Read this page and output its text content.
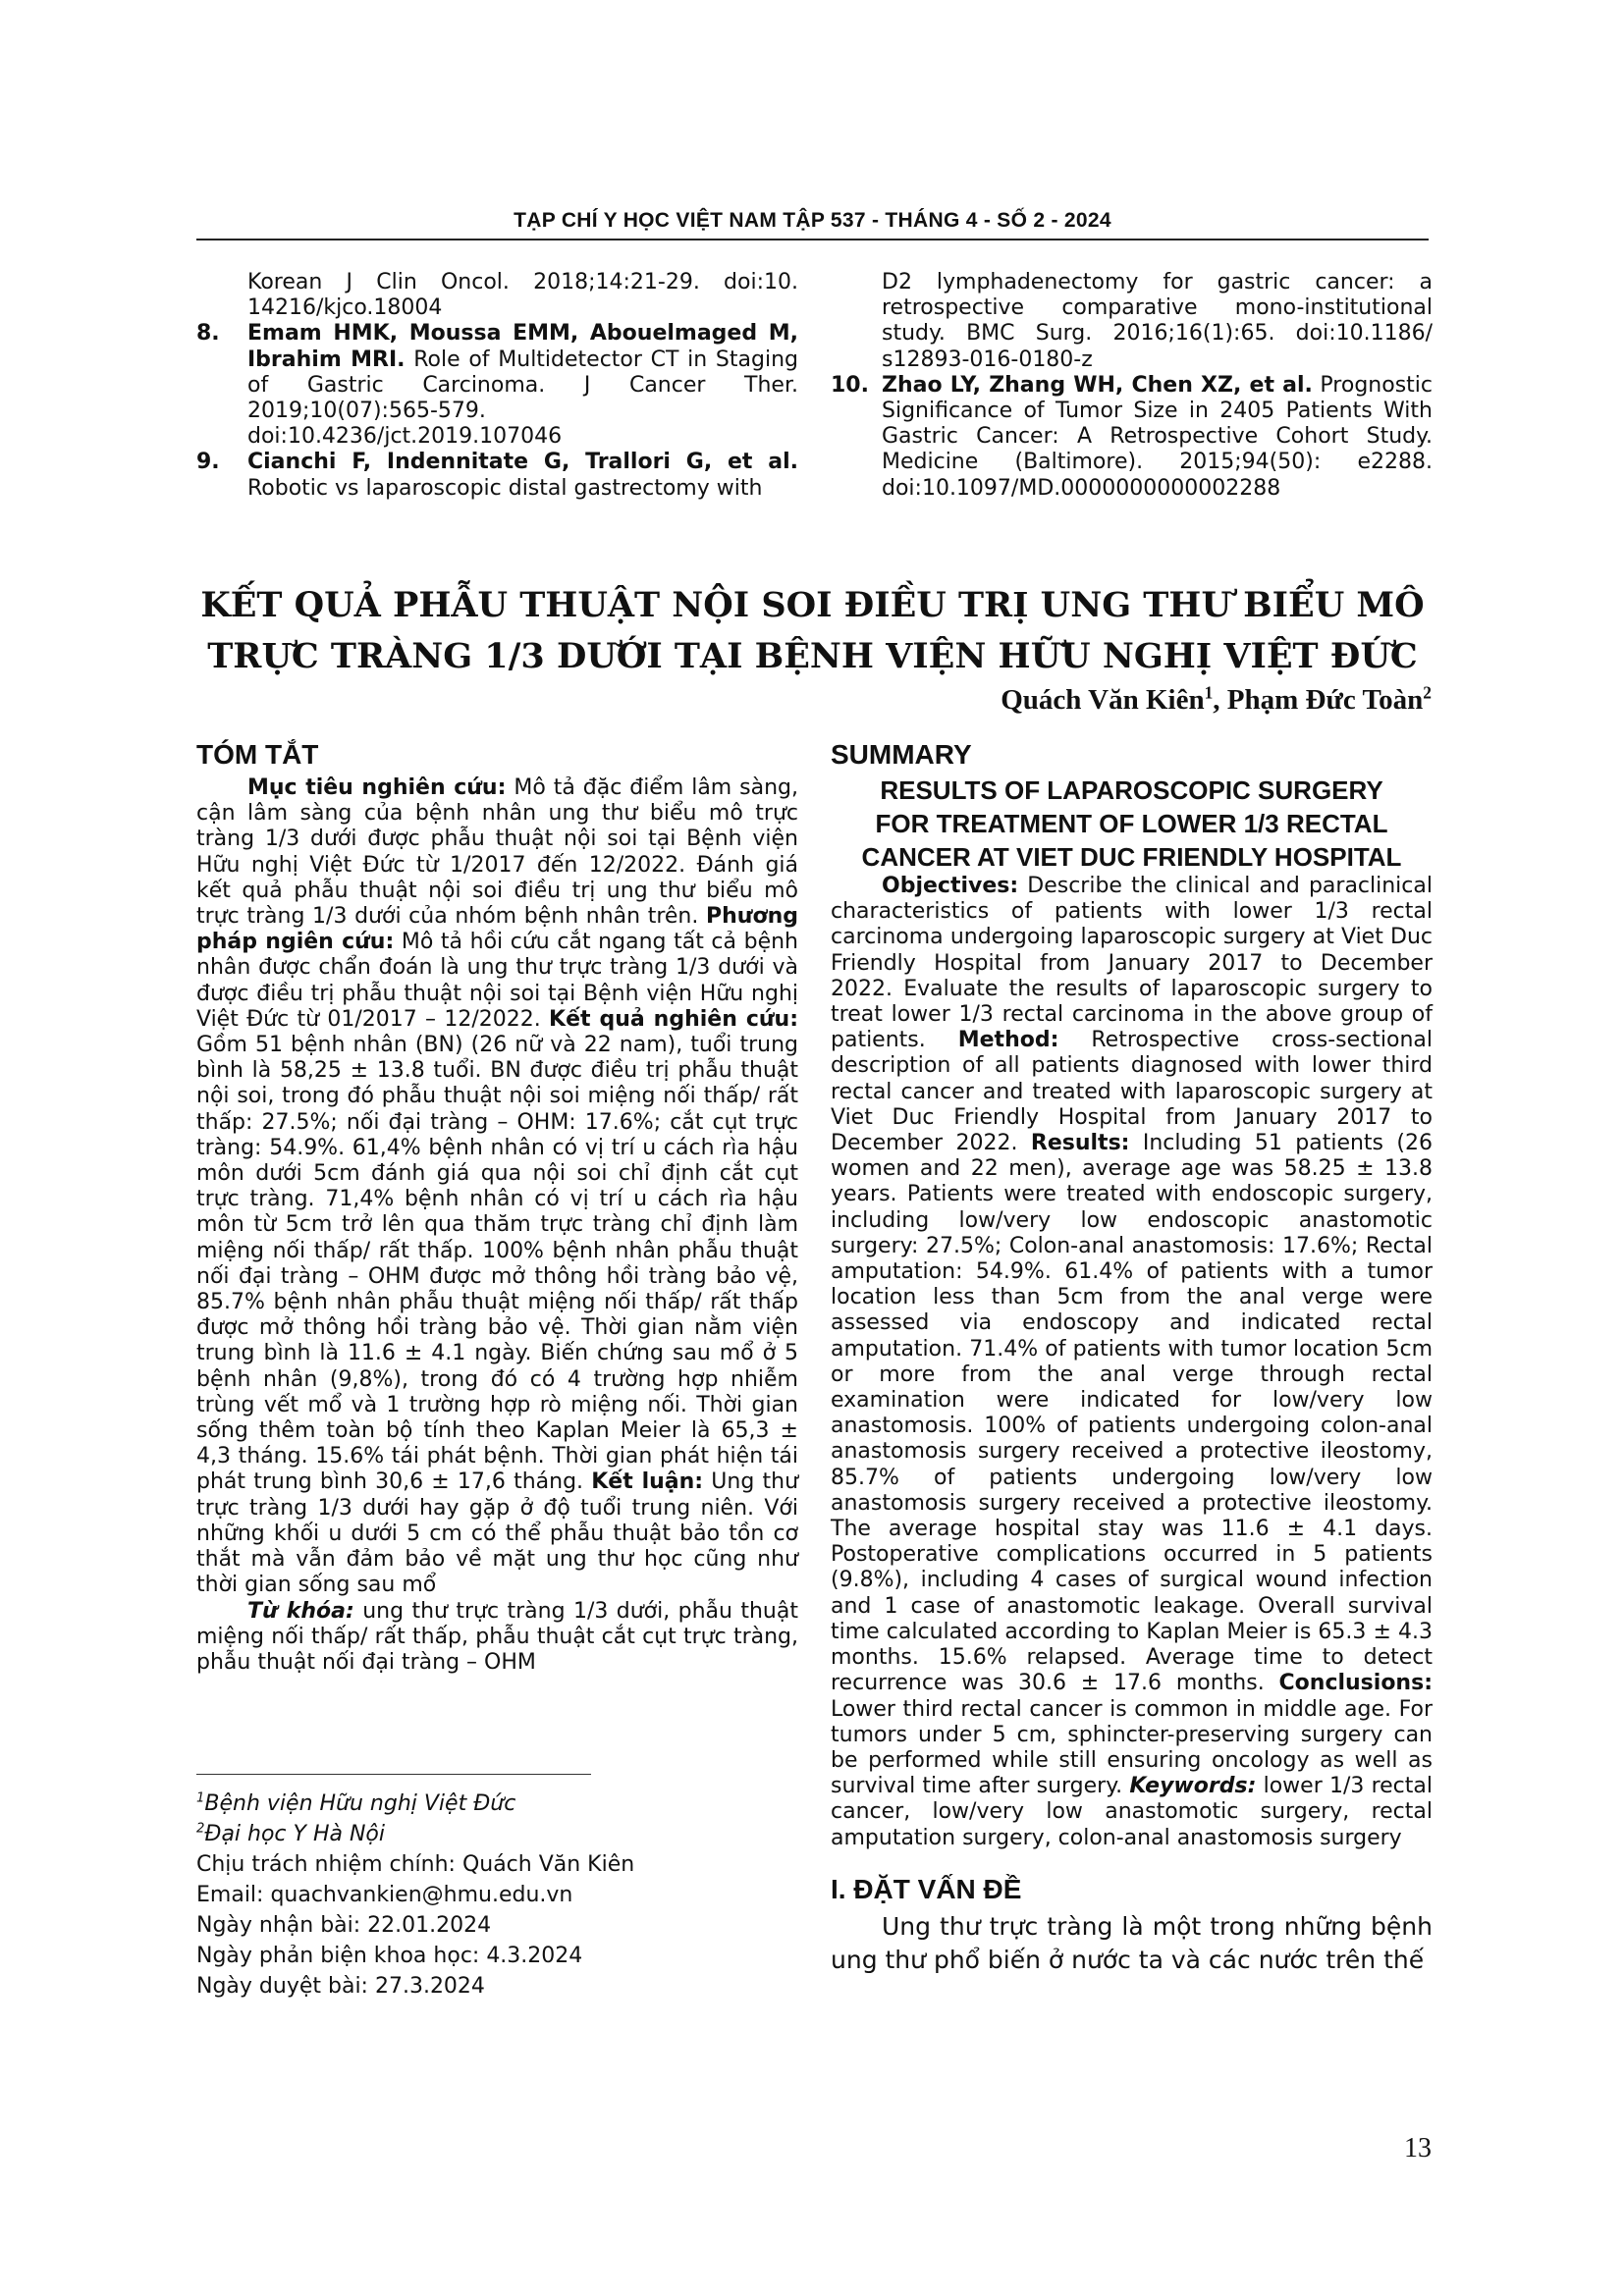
TẠP CHÍ Y HỌC VIỆT NAM TẬP 537 - THÁNG 4 - SỐ 2 - 2024
Korean J Clin Oncol. 2018;14:21-29. doi:10. 14216/kjco.18004
8.	Emam HMK, Moussa EMM, Abouelmaged M, Ibrahim MRI. Role of Multidetector CT in Staging of Gastric Carcinoma. J Cancer Ther. 2019;10(07):565-579. doi:10.4236/jct.2019.107046
9.	Cianchi F, Indennitate G, Trallori G, et al. Robotic vs laparoscopic distal gastrectomy with
D2 lymphadenectomy for gastric cancer: a retrospective comparative mono-institutional study. BMC Surg. 2016;16(1):65. doi:10.1186/ s12893-016-0180-z
10. Zhao LY, Zhang WH, Chen XZ, et al. Prognostic Significance of Tumor Size in 2405 Patients With Gastric Cancer: A Retrospective Cohort Study. Medicine (Baltimore). 2015;94(50): e2288. doi:10.1097/MD.0000000000002288
KẾT QUẢ PHẪU THUẬT NỘI SOI ĐIỀU TRỊ UNG THƯ BIỂU MÔ
TRỰC TRÀNG 1/3 DƯỚI TẠI BỆNH VIỆN HỮU NGHỊ VIỆT ĐỨC
Quách Văn Kiên$^1$, Phạm Đức Toàn$^2$
TÓM TẮT

Mục tiêu nghiên cứu: Mô tả đặc điểm lâm sàng, cận lâm sàng của bệnh nhân ung thư biểu mô trực tràng 1/3 dưới được phẫu thuật nội soi tại Bệnh viện Hữu nghị Việt Đức từ 1/2017 đến 12/2022. Đánh giá kết quả phẫu thuật nội soi điều trị ung thư biểu mô trực tràng 1/3 dưới của nhóm bệnh nhân trên. Phương pháp ngiên cứu: Mô tả hồi cứu cắt ngang tất cả bệnh nhân được chẩn đoán là ung thư trực tràng 1/3 dưới và được điều trị phẫu thuật nội soi tại Bệnh viện Hữu nghị Việt Đức từ 01/2017 – 12/2022. Kết quả nghiên cứu: Gồm 51 bệnh nhân (BN) (26 nữ và 22 nam), tuổi trung bình là 58,25 ± 13.8 tuổi. BN được điều trị phẫu thuật nội soi, trong đó phẫu thuật nội soi miệng nối thấp/ rất thấp: 27.5%; nối đại tràng – OHM: 17.6%; cắt cụt trực tràng: 54.9%. 61,4% bệnh nhân có vị trí u cách rìa hậu môn dưới 5cm đánh giá qua nội soi chỉ định cắt cụt trực tràng. 71,4% bệnh nhân có vị trí u cách rìa hậu môn từ 5cm trở lên qua thăm trực tràng chỉ định làm miệng nối thấp/ rất thấp. 100% bệnh nhân phẫu thuật nối đại tràng – OHM được mở thông hồi tràng bảo vệ, 85.7% bệnh nhân phẫu thuật miệng nối thấp/ rất thấp được mở thông hồi tràng bảo vệ. Thời gian nằm viện trung bình là 11.6 ± 4.1 ngày. Biến chứng sau mổ ở 5 bệnh nhân (9,8%), trong đó có 4 trường hợp nhiễm trùng vết mổ và 1 trường hợp rò miệng nối. Thời gian sống thêm toàn bộ tính theo Kaplan Meier là 65,3 ± 4,3 tháng. 15.6% tái phát bệnh. Thời gian phát hiện tái phát trung bình 30,6 ± 17,6 tháng. Kết luận: Ung thư trực tràng 1/3 dưới hay gặp ở độ tuổi trung niên. Với những khối u dưới 5 cm có thể phẫu thuật bảo tồn cơ thắt mà vẫn đảm bảo về mặt ung thư học cũng như thời gian sống sau mổ

Từ khóa: ung thư trực tràng 1/3 dưới, phẫu thuật miệng nối thấp/ rất thấp, phẫu thuật cắt cụt trực tràng, phẫu thuật nối đại tràng – OHM

$^1$Bệnh viện Hữu nghị Việt Đức

$^2$Đại học Y Hà Nội

Chịu trách nhiệm chính: Quách Văn Kiên

Email: quachvankien@hmu.edu.vn

Ngày nhận bài: 22.01.2024

Ngày phản biện khoa học: 4.3.2024

Ngày duyệt bài: 27.3.2024

SUMMARY
RESULTS OF LAPAROSCOPIC SURGERY
FOR TREATMENT OF LOWER 1/3 RECTAL
CANCER AT VIET DUC FRIENDLY HOSPITAL

Objectives: Describe the clinical and paraclinical characteristics of patients with lower 1/3 rectal carcinoma undergoing laparoscopic surgery at Viet Duc Friendly Hospital from January 2017 to December 2022. Evaluate the results of laparoscopic surgery to treat lower 1/3 rectal carcinoma in the above group of patients. Method: Retrospective cross-sectional description of all patients diagnosed with lower third rectal cancer and treated with laparoscopic surgery at Viet Duc Friendly Hospital from January 2017 to December 2022. Results: Including 51 patients (26 women and 22 men), average age was 58.25 ± 13.8 years. Patients were treated with endoscopic surgery, including low/very low endoscopic anastomotic surgery: 27.5%; Colon-anal anastomosis: 17.6%; Rectal amputation: 54.9%. 61.4% of patients with a tumor location less than 5cm from the anal verge were assessed via endoscopy and indicated rectal amputation. 71.4% of patients with tumor location 5cm or more from the anal verge through rectal examination were indicated for low/very low anastomosis. 100% of patients undergoing colon-anal anastomosis surgery received a protective ileostomy, 85.7% of patients undergoing low/very low anastomosis surgery received a protective ileostomy. The average hospital stay was 11.6 ± 4.1 days. Postoperative complications occurred in 5 patients (9.8%), including 4 cases of surgical wound infection and 1 case of anastomotic leakage. Overall survival time calculated according to Kaplan Meier is 65.3 ± 4.3 months. 15.6% relapsed. Average time to detect recurrence was 30.6 ± 17.6 months. Conclusions: Lower third rectal cancer is common in middle age. For tumors under 5 cm, sphincter-preserving surgery can be performed while still ensuring oncology as well as survival time after surgery. Keywords: lower 1/3 rectal cancer, low/very low anastomotic surgery, rectal amputation surgery, colon-anal anastomosis surgery

I. ĐẶT VẤN ĐỀ

Ung thư trực tràng là một trong những bệnh ung thư phổ biến ở nước ta và các nước trên thế

13
